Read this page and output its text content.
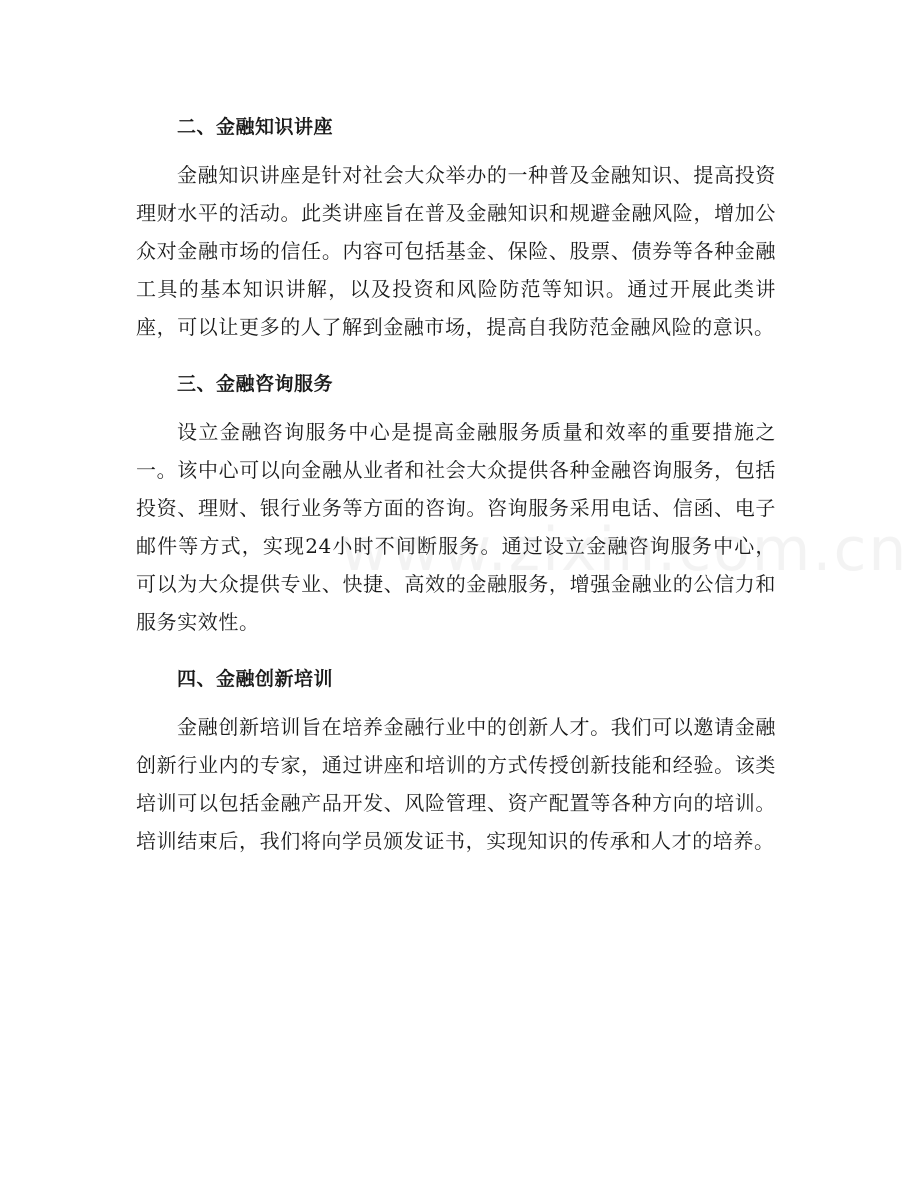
二、金融知识讲座

金融知识讲座是针对社会大众举办的一种普及金融知识、提高投资理财水平的活动。此类讲座旨在普及金融知识和规避金融风险，增加公众对金融市场的信任。内容可包括基金、保险、股票、债券等各种金融工具的基本知识讲解，以及投资和风险防范等知识。通过开展此类讲座，可以让更多的人了解到金融市场，提高自我防范金融风险的意识。

三、金融咨询服务

设立金融咨询服务中心是提高金融服务质量和效率的重要措施之一。该中心可以向金融从业者和社会大众提供各种金融咨询服务，包括投资、理财、银行业务等方面的咨询。咨询服务采用电话、信函、电子邮件等方式，实现24小时不间断服务。通过设立金融咨询服务中心，可以为大众提供专业、快捷、高效的金融服务，增强金融业的公信力和服务实效性。

四、金融创新培训

金融创新培训旨在培养金融行业中的创新人才。我们可以邀请金融创新行业内的专家，通过讲座和培训的方式传授创新技能和经验。该类培训可以包括金融产品开发、风险管理、资产配置等各种方向的培训。培训结束后，我们将向学员颁发证书，实现知识的传承和人才的培养。
